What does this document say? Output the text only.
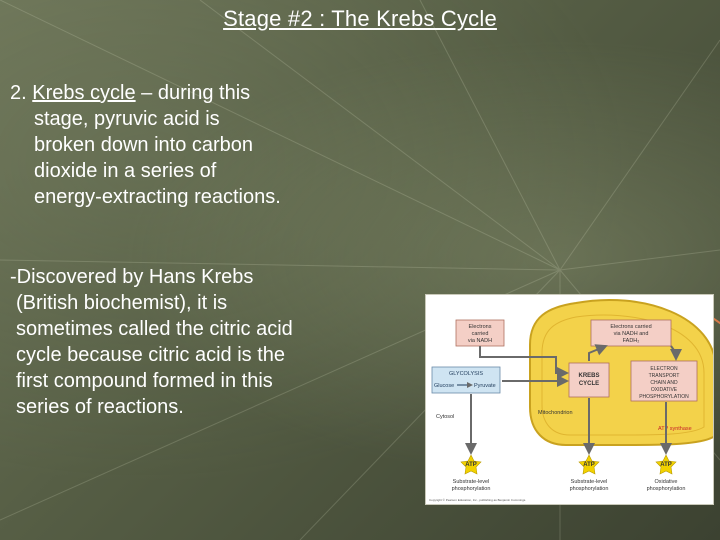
Stage #2 : The Krebs Cycle
2. Krebs cycle – during this
stage, pyruvic acid is
broken down into carbon
dioxide in a series of
energy-extracting reactions.
-Discovered by Hans Krebs
(British biochemist), it is
sometimes called the citric acid
cycle because citric acid is the
first compound formed in this
series of reactions.
Electrons
carried
via NADH
Electrons carried
via NADH and
FADH₂
GLYCOLYSIS
Glucose	Pyruvate
KREBS
CYCLE
ELECTRON
TRANSPORT
CHAIN AND
OXIDATIVE
PHOSPHORYLATION
Cytosol
Mitochondrion
ATP synthase
ATP	ATP	ATP
Substrate-level
phosphorylation
Substrate-level
phosphorylation
Oxidative
phosphorylation
Copyright © Pearson Education, Inc., publishing as Benjamin Cummings.
